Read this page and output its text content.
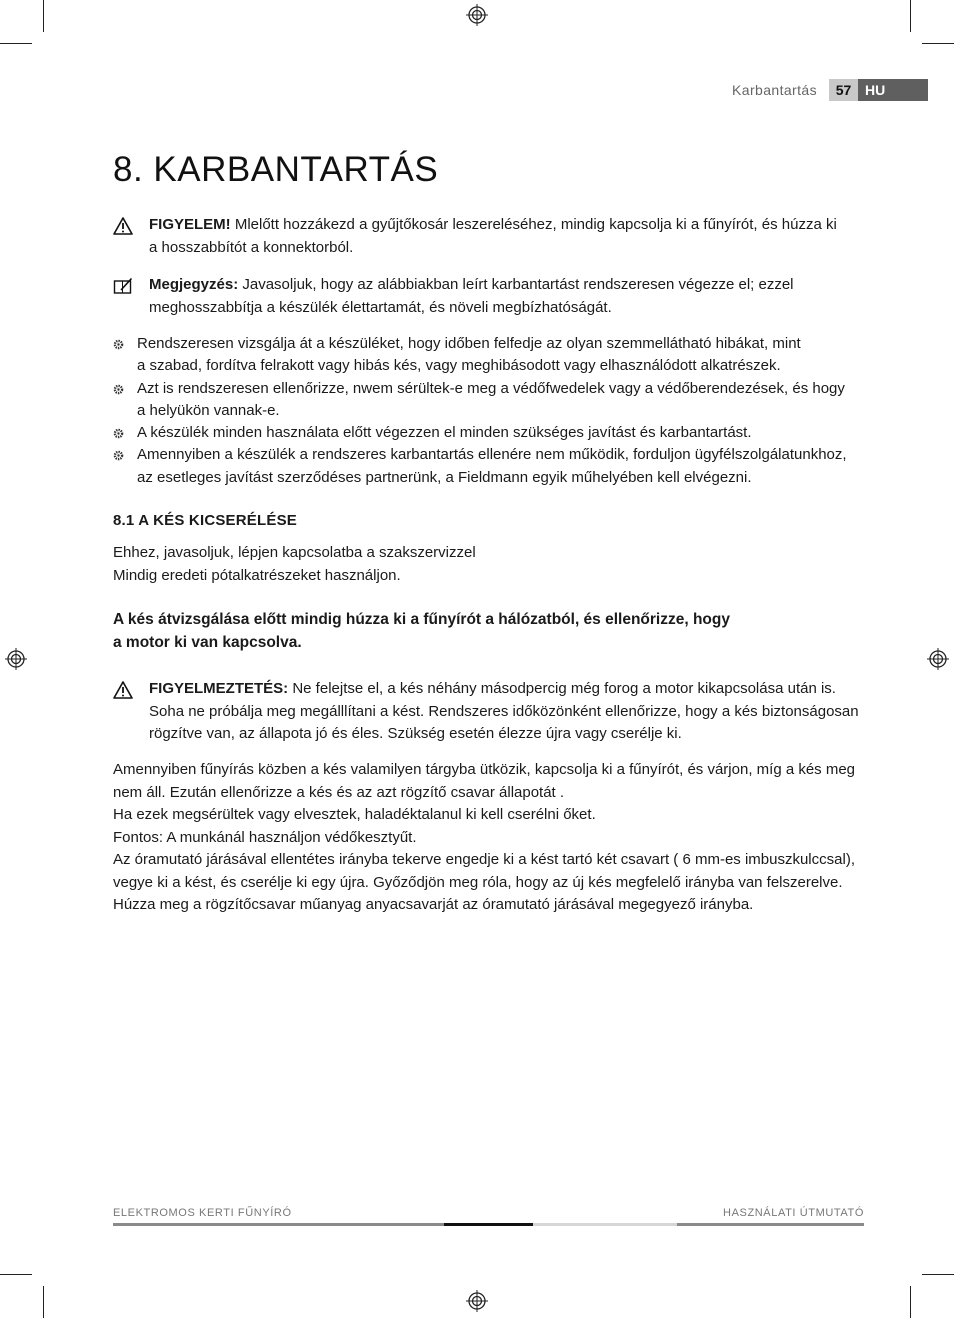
Karbantartás	57 HU
8. KARBANTARTÁS
FIGYELEM! Mlelőtt hozzákezd a gyűjtőkosár leszereléséhez, mindig kapcsolja ki a fűnyírót, és húzza ki
a hosszabbítót a konnektorból.
Megjegyzés: Javasoljuk, hogy az alábbiakban leírt karbantartást rendszeresen végezze el; ezzel
meghosszabbítja a készülék élettartamát, és növeli megbízhatóságát.
Rendszeresen vizsgálja át a készüléket, hogy időben felfedje az olyan szemmellátható hibákat, mint
a szabad, fordítva felrakott vagy hibás kés, vagy meghibásodott vagy elhasználódott alkatrészek.
Azt is rendszeresen ellenőrizze, nwem sérültek-e meg a védőfwedelek vagy a védőberendezések, és hogy
a helyükön vannak-e.
A készülék minden használata előtt végezzen el minden szükséges javítást és karbantartást.
Amennyiben a készülék a rendszeres karbantartás ellenére nem működik, forduljon ügyfélszolgálatunkhoz,
az esetleges javítást szerződéses partnerünk, a Fieldmann egyik műhelyében kell elvégezni.
8.1 A KÉS KICSERÉLÉSE
Ehhez, javasoljuk, lépjen kapcsolatba a szakszervizzel
Mindig eredeti pótalkatrészeket használjon.
A kés átvizsgálása előtt mindig húzza ki a fűnyírót a hálózatból, és ellenőrizze, hogy
a motor ki van kapcsolva.
FIGYELMEZTETÉS: Ne felejtse el, a kés néhány másodpercig még forog a motor kikapcsolása után is.
Soha ne próbálja meg megálllítani a kést. Rendszeres időközönként ellenőrizze, hogy a kés biztonságosan
rögzítve van, az állapota jó és éles. Szükség esetén élezze újra vagy cserélje ki.
Amennyiben fűnyírás közben a kés valamilyen tárgyba ütközik, kapcsolja ki a fűnyírót, és várjon, míg a kés meg
nem áll. Ezután ellenőrizze a kés és az azt rögzítő csavar állapotát .
Ha ezek megsérültek vagy elvesztek, haladéktalanul ki kell cserélni őket.
Fontos: A munkánál használjon védőkesztyűt.
Az óramutató járásával ellentétes irányba tekerve engedje ki a kést tartó két csavart ( 6 mm-es imbuszkulccsal),
vegye ki a kést, és cserélje ki egy újra. Győződjön meg róla, hogy az új kés megfelelő irányba van felszerelve.
Húzza meg a rögzítőcsavar műanyag anyacsavarját az óramutató járásával megegyező irányba.
ELEKTROMOS KERTI FŰNYÍRÓ	HASZNÁLATI ÚTMUTATÓ
